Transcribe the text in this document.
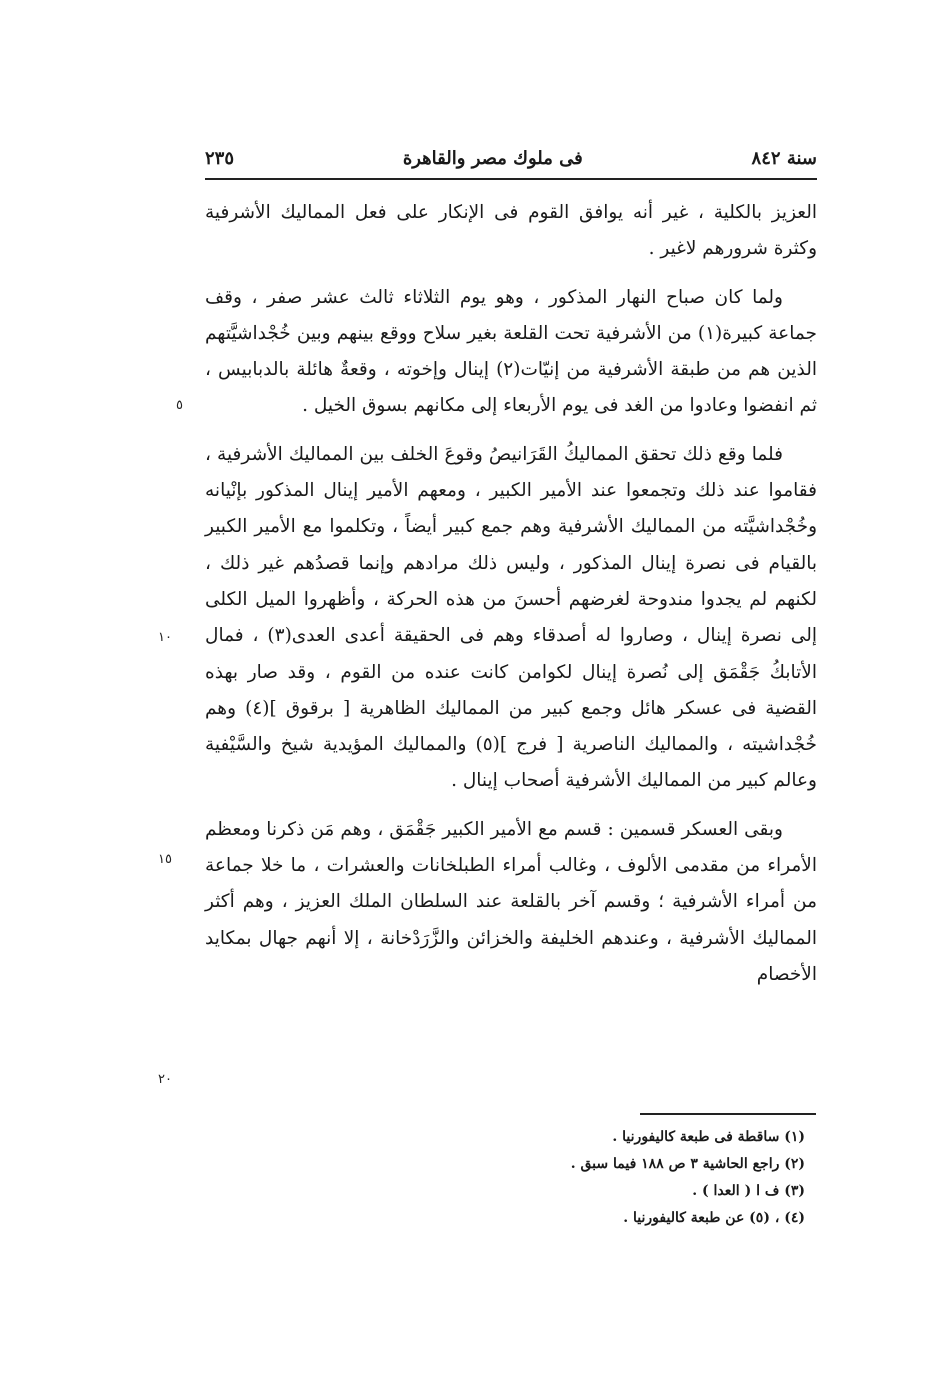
سنة ٨٤٢
فى ملوك مصر والقاهرة
٢٣٥

العزيز بالكلية ، غير أنه يوافق القوم فى الإنكار على فعل المماليك الأشرفية وكثرة شرورهم لاغير .

ولما كان صباح النهار المذكور ، وهو يوم الثلاثاء ثالث عشر صفر ، وقف جماعة كبيرة(١) من الأشرفية تحت القلعة بغير سلاح ووقع بينهم وبين خُجْداشيَّتهم الذين هم من طبقة الأشرفية من إنيّات(٢) إينال وإخوته ، وقعةٌ هائلة بالدبابيس ، ثم انفضوا وعادوا من الغد فى يوم الأربعاء إلى مكانهم بسوق الخيل .

فلما وقع ذلك تحقق المماليكُ القَرَانيصُ وقوعَ الخلف بين المماليك الأشرفية ، فقاموا عند ذلك وتجمعوا عند الأمير الكبير ، ومعهم الأمير إينال المذكور بإنْيانه وخُجْداشيَّته من المماليك الأشرفية وهم جمع كبير أيضاً ، وتكلموا مع الأمير الكبير بالقيام فى نصرة إينال المذكور ، وليس ذلك مرادهم وإنما قصدُهم غير ذلك ، لكنهم لم يجدوا مندوحة لغرضهم أحسنَ من هذه الحركة ، وأظهروا الميل الكلى إلى نصرة إينال ، وصاروا له أصدقاء وهم فى الحقيقة أعدى العدى(٣) ، فمال الأتابكُ جَقْمَق إلى نُصرة إينال لكوامن كانت عنده من القوم ، وقد صار بهذه القضية فى عسكر هائل وجمع كبير من المماليك الظاهرية [ برقوق ](٤) وهم خُجْداشيته ، والمماليك الناصرية [ فرج ](٥) والمماليك المؤيدية شيخ والسَّيْفية وعالم كبير من المماليك الأشرفية أصحاب إينال .

وبقى العسكر قسمين : قسم مع الأمير الكبير جَقْمَق ، وهم مَن ذكرنا ومعظم الأمراء من مقدمى الألوف ، وغالب أمراء الطبلخانات والعشرات ، ما خلا جماعة من أمراء الأشرفية ؛ وقسم آخر بالقلعة عند السلطان الملك العزيز ، وهم أكثر المماليك الأشرفية ، وعندهم الخليفة والخزائن والزَّرَدْخانة ، إلا أنهم جهال بمكايد الأخصام

٥
١٠
١٥
٢٠

(١) ساقطة فى طبعة كاليفورنيا .

(٢) راجع الحاشية ٣ ص ١٨٨ فيما سبق .

(٣) ف ا ( العدا ) .

(٤) ، (٥) عن طبعة كاليفورنيا .
